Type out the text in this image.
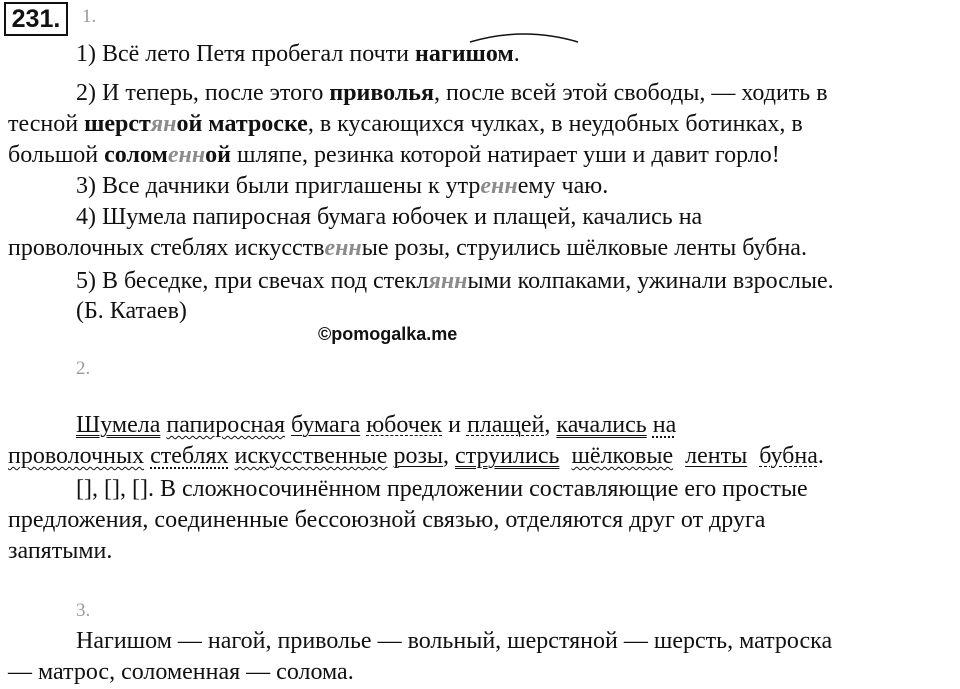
231.	1.
1) Всё лето Петя пробегал почти нагишом.
2) И теперь, после этого приволья, после всей этой свободы, — ходить в
тесной шерстяной матроске, в кусающихся чулках, в неудобных ботинках, в
большой соломенной шляпе, резинка которой натирает уши и давит горло!
3) Все дачники были приглашены к утреннему чаю.
4) Шумела папиросная бумага юбочек и плащей, качались на
проволочных стеблях искусственные розы, струились шёлковые ленты бубна.
5) В беседке, при свечах под стеклянными колпаками, ужинали взрослые.
(Б. Катаев)
©pomogalka.me
2.
Шумела папиросная бумага юбочек и плащей, качались на
проволочных стеблях искусственные розы, струились шёлковые ленты бубна.
[], [], []. В сложносочинённом предложении составляющие его простые
предложения, соединенные бессоюзной связью, отделяются друг от друга
запятыми.
3.
Нагишом — нагой, приволье — вольный, шерстяной — шерсть, матроска
— матрос, соломенная — солома.
